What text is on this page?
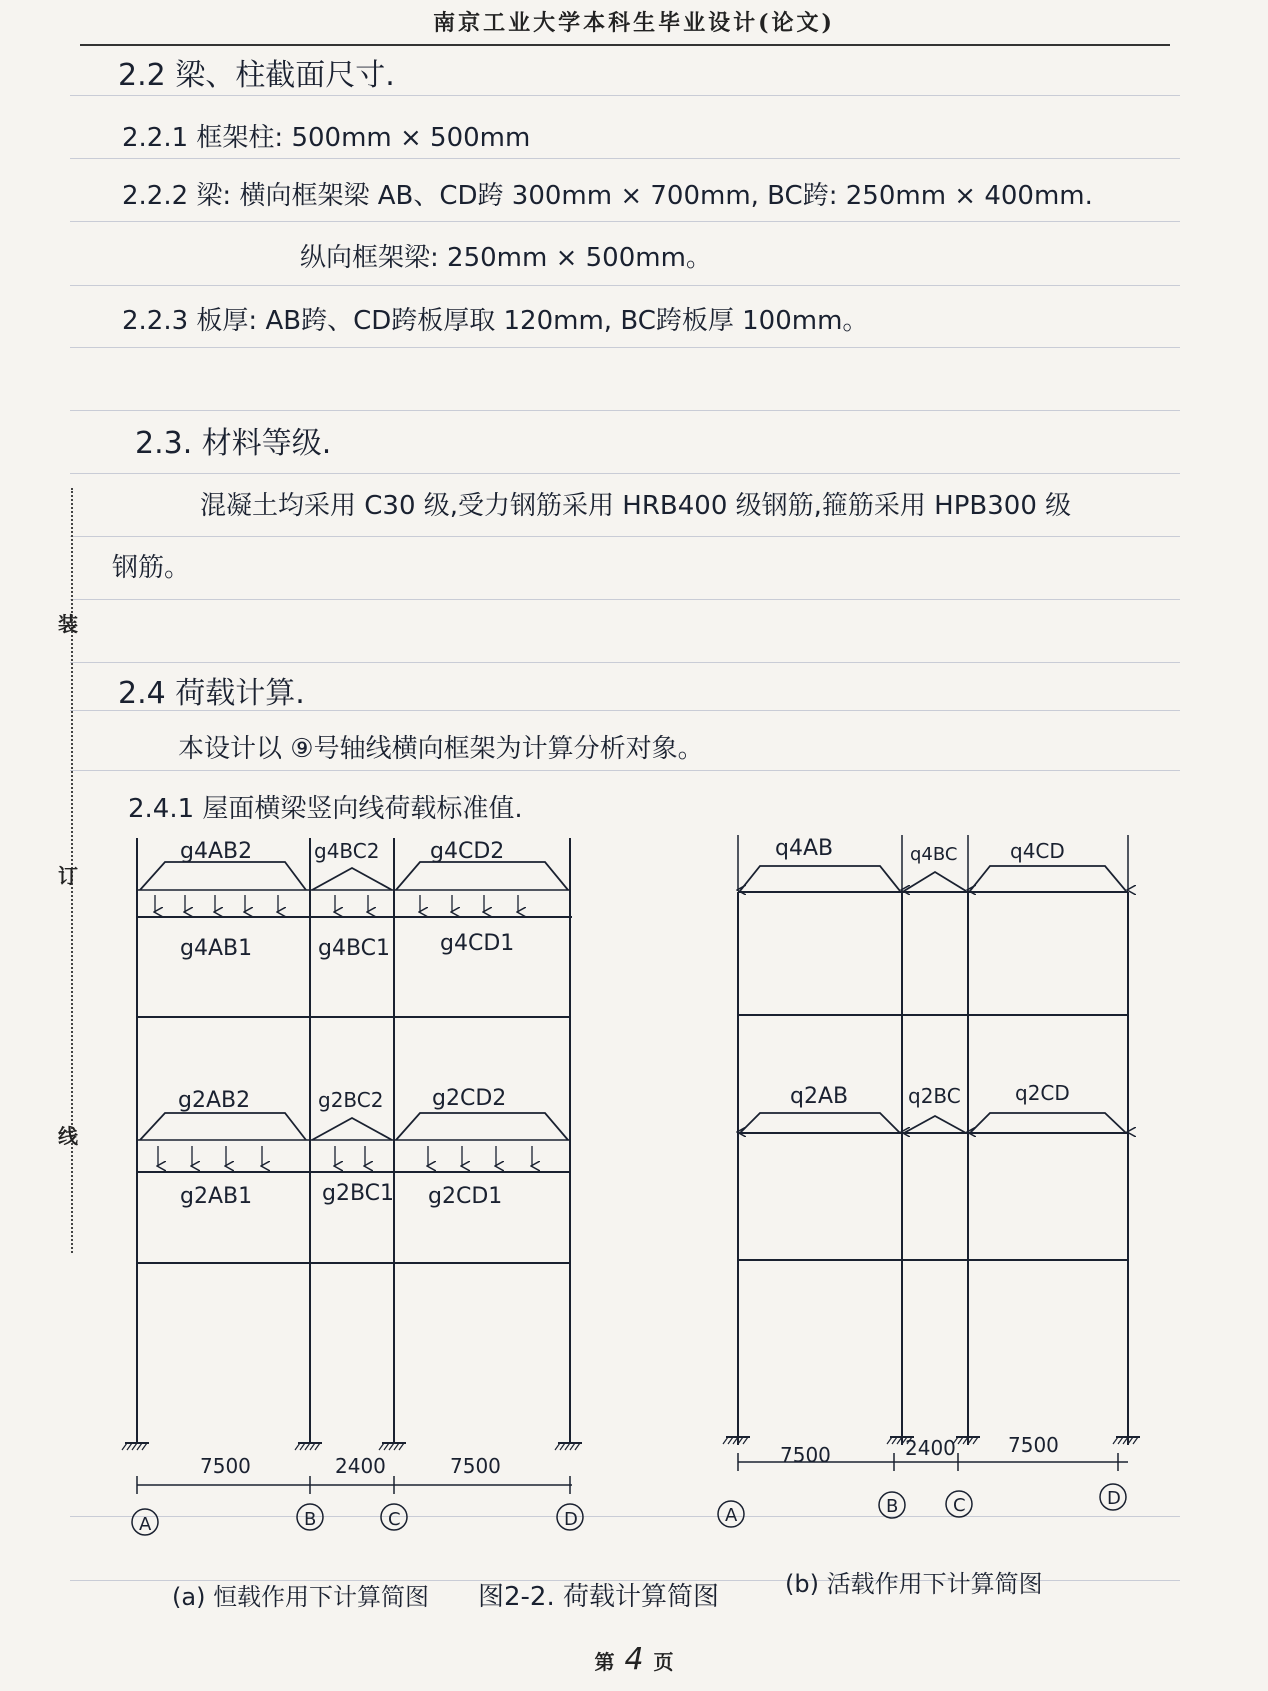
南京工业大学本科生毕业设计(论文)
装
订
线
2.2 梁、柱截面尺寸.
2.2.1 框架柱: 500mm × 500mm
2.2.2 梁: 横向框架梁 AB、CD跨 300mm × 700mm, BC跨: 250mm × 400mm.
纵向框架梁: 250mm × 500mm。
2.2.3 板厚: AB跨、CD跨板厚取 120mm, BC跨板厚 100mm。
2.3. 材料等级.
混凝土均采用 C30 级,受力钢筋采用 HRB400 级钢筋,箍筋采用 HPB300 级
钢筋。
2.4 荷载计算.
本设计以 ⑨号轴线横向框架为计算分析对象。
2.4.1 屋面横梁竖向线荷载标准值.
g4AB2	g4BC2 g4CD2
g4AB1	g4BC1 g4CD1
g2AB2	g2BC2 g2CD2
g2AB1	g2BC1 g2CD1
7500	2400	7500
A	B	C	D
q4AB	q4BC	q4CD
q2AB	q2BC	q2CD
7500	2400	7500
A	B	C	D
(a) 恒载作用下计算简图 图2-2. 荷载计算简图	(b) 活载作用下计算简图
第 4 页
